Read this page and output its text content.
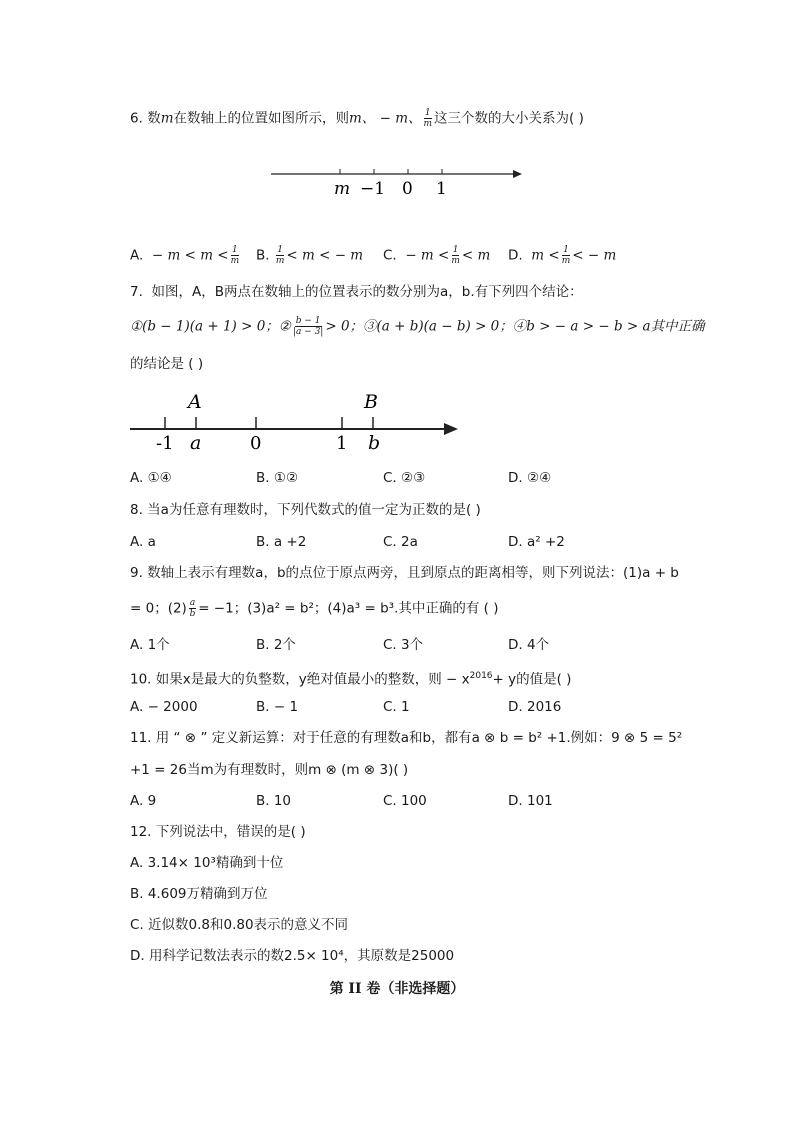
6. 数m在数轴上的位置如图所示，则m、 − m、 $\frac{1}{m}$ 这三个数的大小关系为( )
m −1 0 1
A. − $m < m < \frac{1}{m} B$. $\frac{1}{m} < m$ < − m C. − $m < \frac{1}{m} < m$ D. $m < \frac{1}{m}$ < − m
7. 如图，A，B两点在数轴上的位置表示的数分别为a，b.有下列四个结论：
①(b − 1)(a + 1) > 0；② $\frac{b - 1}{|a - 3|} > 0$；③(a + b)(a − b) > 0；④b > − a > − b > a其中正确
的结论是 ( )
A	B
-1 a	0	1 b
A. ①④	B. ①②	C. ②③	D. ②④
8. 当a为任意有理数时，下列代数式的值一定为正数的是( )
A. a	B. a +2	C. 2a	D. a² +2
9. 数轴上表示有理数a，b的点位于原点两旁，且到原点的距离相等，则下列说法：(1)a + b
= 0；$(2) \frac{a}{b} = -1$；(3)a² = b²；(4)a³ = b³.其中正确的有 ( )
A. 1个	B. 2个	C. 3个	D. 4个
10. 如果x是最大的负整数，y绝对值最小的整数，则 − $x^{2016}+ y$的值是( )
A. − 2000	B. − 1	C. 1	D. 2016
11. 用 “ ⊗ ” 定义新运算：对于任意的有理数a和b，都有a ⊗ b = b² +1.例如：9 ⊗ 5 = 5²
+1 = 26当m为有理数时，则m ⊗ (m ⊗ 3)( )
A. 9	B. 10	C. 100	D. 101
12. 下列说法中，错误的是( )
A. 3.14× 10³精确到十位
B. 4.609万精确到万位
C. 近似数0.8和0.80表示的意义不同
D. 用科学记数法表示的数2.5× 10⁴，其原数是25000
第 II 卷（非选择题）
